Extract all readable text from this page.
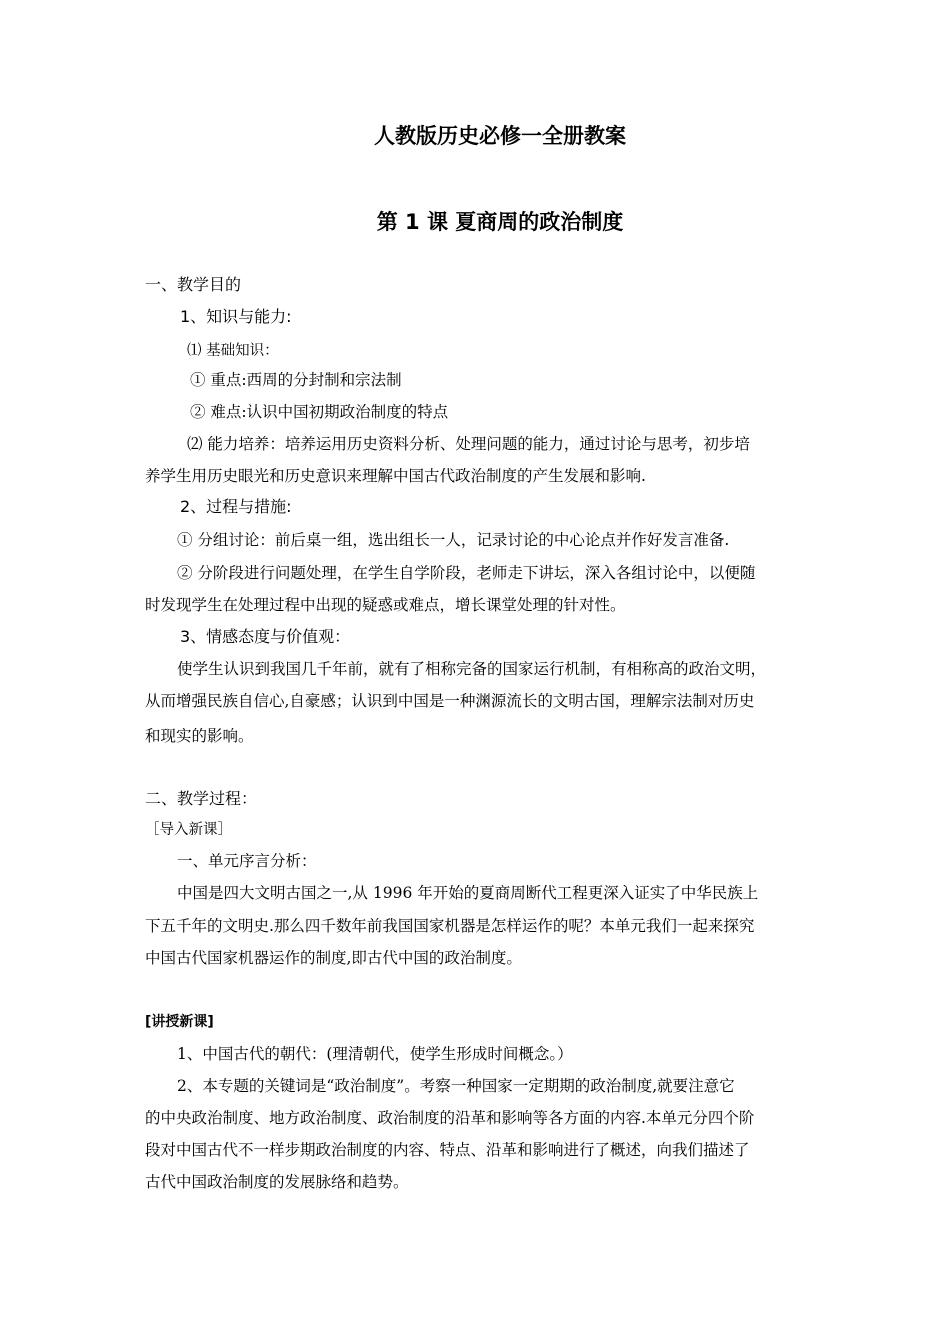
人教版历史必修一全册教案
第 1 课 夏商周的政治制度
一、教学目的
1、知识与能力:
⑴ 基础知识：
① 重点:西周的分封制和宗法制
② 难点:认识中国初期政治制度的特点
⑵ 能力培养：培养运用历史资料分析、处理问题的能力，通过讨论与思考，初步培
养学生用历史眼光和历史意识来理解中国古代政治制度的产生发展和影响.
2、过程与措施:
① 分组讨论：前后桌一组，选出组长一人，记录讨论的中心论点并作好发言准备.
② 分阶段进行问题处理，在学生自学阶段，老师走下讲坛，深入各组讨论中，以便随
时发现学生在处理过程中出现的疑惑或难点，增长课堂处理的针对性。
3、情感态度与价值观：
使学生认识到我国几千年前，就有了相称完备的国家运行机制，有相称高的政治文明，
从而增强民族自信心,自豪感；认识到中国是一种渊源流长的文明古国，理解宗法制对历史
和现实的影响。
二、教学过程：
［导入新课］
一、单元序言分析：
中国是四大文明古国之一,从 1996 年开始的夏商周断代工程更深入证实了中华民族上
下五千年的文明史.那么四千数年前我国国家机器是怎样运作的呢？本单元我们一起来探究
中国古代国家机器运作的制度,即古代中国的政治制度。
[讲授新课]
1、中国古代的朝代：(理清朝代，使学生形成时间概念。）
2、本专题的关键词是“政治制度”。考察一种国家一定期期的政治制度,就要注意它
的中央政治制度、地方政治制度、政治制度的沿革和影响等各方面的内容.本单元分四个阶
段对中国古代不一样步期政治制度的内容、特点、沿革和影响进行了概述，向我们描述了
古代中国政治制度的发展脉络和趋势。
